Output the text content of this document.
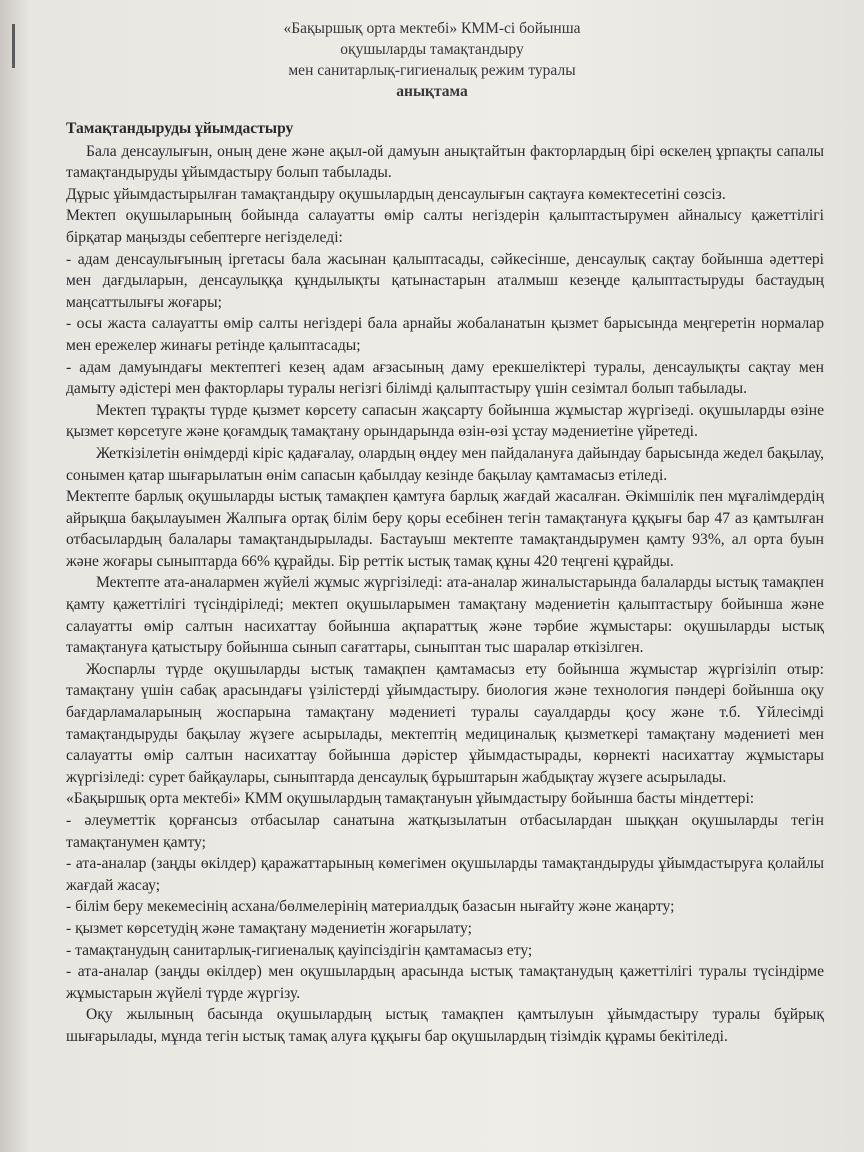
«Бақыршық орта мектебі» КММ-сі бойынша
оқушыларды тамақтандыру
мен санитарлық-гигиеналық режим туралы
анықтама

Тамақтандыруды ұйымдастыру

Бала денсаулығын, оның дене және ақыл-ой дамуын анықтайтын факторлардың бірі өскелең ұрпақты сапалы тамақтандыруды ұйымдастыру болып табылады.

Дұрыс ұйымдастырылған тамақтандыру оқушылардың денсаулығын сақтауға көмектесетіні сөзсіз.

Мектеп оқушыларының бойында салауатты өмір салты негіздерін қалыптастырумен айналысу қажеттілігі бірқатар маңызды себептерге негізделеді:

- адам денсаулығының іргетасы бала жасынан қалыптасады, сәйкесінше, денсаулық сақтау бойынша әдеттері мен дағдыларын, денсаулыққа құндылықты қатынастарын аталмыш кезеңде қалыптастыруды бастаудың маңсаттылығы жоғары;

- осы жаста салауатты өмір салты негіздері бала арнайы жобаланатын қызмет барысында меңгеретін нормалар мен ережелер жинағы ретінде қалыптасады;

- адам дамуындағы мектептегі кезең адам ағзасының даму ерекшеліктері туралы, денсаулықты сақтау мен дамыту әдістері мен факторлары туралы негізгі білімді қалыптастыру үшін сезімтал болып табылады.

Мектеп тұрақты түрде қызмет көрсету сапасын жақсарту бойынша жұмыстар жүргізеді. оқушыларды өзіне қызмет көрсетуге және қоғамдық тамақтану орындарында өзін-өзі ұстау мәдениетіне үйретеді.

Жеткізілетін өнімдерді кіріс қадағалау, олардың өңдеу мен пайдалануға дайындау барысында жедел бақылау, сонымен қатар шығарылатын өнім сапасын қабылдау кезінде бақылау қамтамасыз етіледі.

Мектепте барлық оқушыларды ыстық тамақпен қамтуға барлық жағдай жасалған. Әкімшілік пен мұғалімдердің айрықша бақылауымен Жалпыға ортақ білім беру қоры есебінен тегін тамақтануға құқығы бар 47 аз қамтылған отбасылардың балалары тамақтандырылады. Бастауыш мектепте тамақтандырумен қамту 93%, ал орта буын және жоғары сыныптарда 66% құрайды. Бір реттік ыстық тамақ құны 420 теңгені құрайды.

Мектепте ата-аналармен жүйелі жұмыс жүргізіледі: ата-аналар жиналыстарында балаларды ыстық тамақпен қамту қажеттілігі түсіндіріледі; мектеп оқушыларымен тамақтану мәдениетін қалыптастыру бойынша және салауатты өмір салтын насихаттау бойынша ақпараттық және тәрбие жұмыстары: оқушыларды ыстық тамақтануға қатыстыру бойынша сынып сағаттары, сыныптан тыс шаралар өткізілген.

Жоспарлы түрде оқушыларды ыстық тамақпен қамтамасыз ету бойынша жұмыстар жүргізіліп отыр: тамақтану үшін сабақ арасындағы үзілістерді ұйымдастыру. биология және технология пәндері бойынша оқу бағдарламаларының жоспарына тамақтану мәдениеті туралы сауалдарды қосу және т.б. Үйлесімді тамақтандыруды бақылау жүзеге асырылады, мектептің медициналық қызметкері тамақтану мәдениеті мен салауатты өмір салтын насихаттау бойынша дәрістер ұйымдастырады, көрнекті насихаттау жұмыстары жүргізіледі: сурет байқаулары, сыныптарда денсаулық бұрыштарын жабдықтау жүзеге асырылады.

«Бақыршық орта мектебі» КММ оқушылардың тамақтануын ұйымдастыру бойынша басты міндеттері:

- әлеуметтік қорғансыз отбасылар санатына жатқызылатын отбасылардан шыққан оқушыларды тегін тамақтанумен қамту;

- ата-аналар (заңды өкілдер) қаражаттарының көмегімен оқушыларды тамақтандыруды ұйымдастыруға қолайлы жағдай жасау;

- білім беру мекемесінің асхана/бөлмелерінің материалдық базасын нығайту және жаңарту;

- қызмет көрсетудің және тамақтану мәдениетін жоғарылату;

- тамақтанудың санитарлық-гигиеналық қауіпсіздігін қамтамасыз ету;

- ата-аналар (заңды өкілдер) мен оқушылардың арасында ыстық тамақтанудың қажеттілігі туралы түсіндірме жұмыстарын жүйелі түрде жүргізу.

Оқу жылының басында оқушылардың ыстық тамақпен қамтылуын ұйымдастыру туралы бұйрық шығарылады, мұнда тегін ыстық тамақ алуға құқығы бар оқушылардың тізімдік құрамы бекітіледі.
